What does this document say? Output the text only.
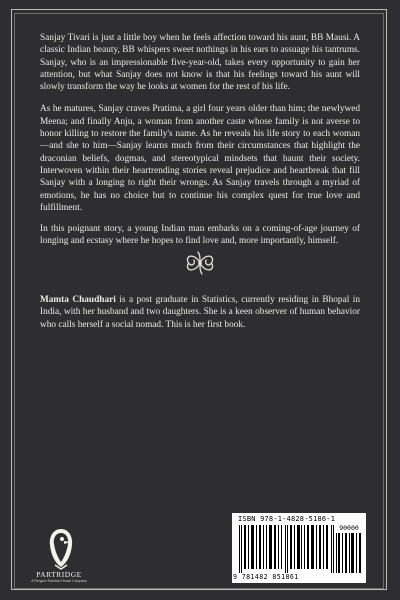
Sanjay Tivari is just a little boy when he feels affection toward his aunt, BB Mausi. A classic Indian beauty, BB whispers sweet nothings in his ears to assuage his tantrums. Sanjay, who is an impressionable five-year-old, takes every opportunity to gain her attention, but what Sanjay does not know is that his feelings toward his aunt will slowly transform the way he looks at women for the rest of his life.

As he matures, Sanjay craves Pratima, a girl four years older than him; the newlywed Meena; and finally Anju, a woman from another caste whose family is not averse to honor killing to restore the family's name. As he reveals his life story to each woman—and she to him—Sanjay learns much from their circumstances that highlight the draconian beliefs, dogmas, and stereotypical mindsets that haunt their society. Interwoven within their heartrending stories reveal prejudice and heartbreak that fill Sanjay with a longing to right their wrongs. As Sanjay travels through a myriad of emotions, he has no choice but to continue his complex quest for true love and fulfillment.

In this poignant story, a young Indian man embarks on a coming-of-age journey of longing and ecstasy where he hopes to find love and, more importantly, himself.

Mamta Chaudhari is a post graduate in Statistics, currently residing in Bhopal in India, with her husband and two daughters. She is a keen observer of human behavior who calls herself a social nomad. This is her first book.
PARTRIDGE
A Penguin Random House Company
ISBN 978-1-4828-5186-1
90000
9 781482 851861
